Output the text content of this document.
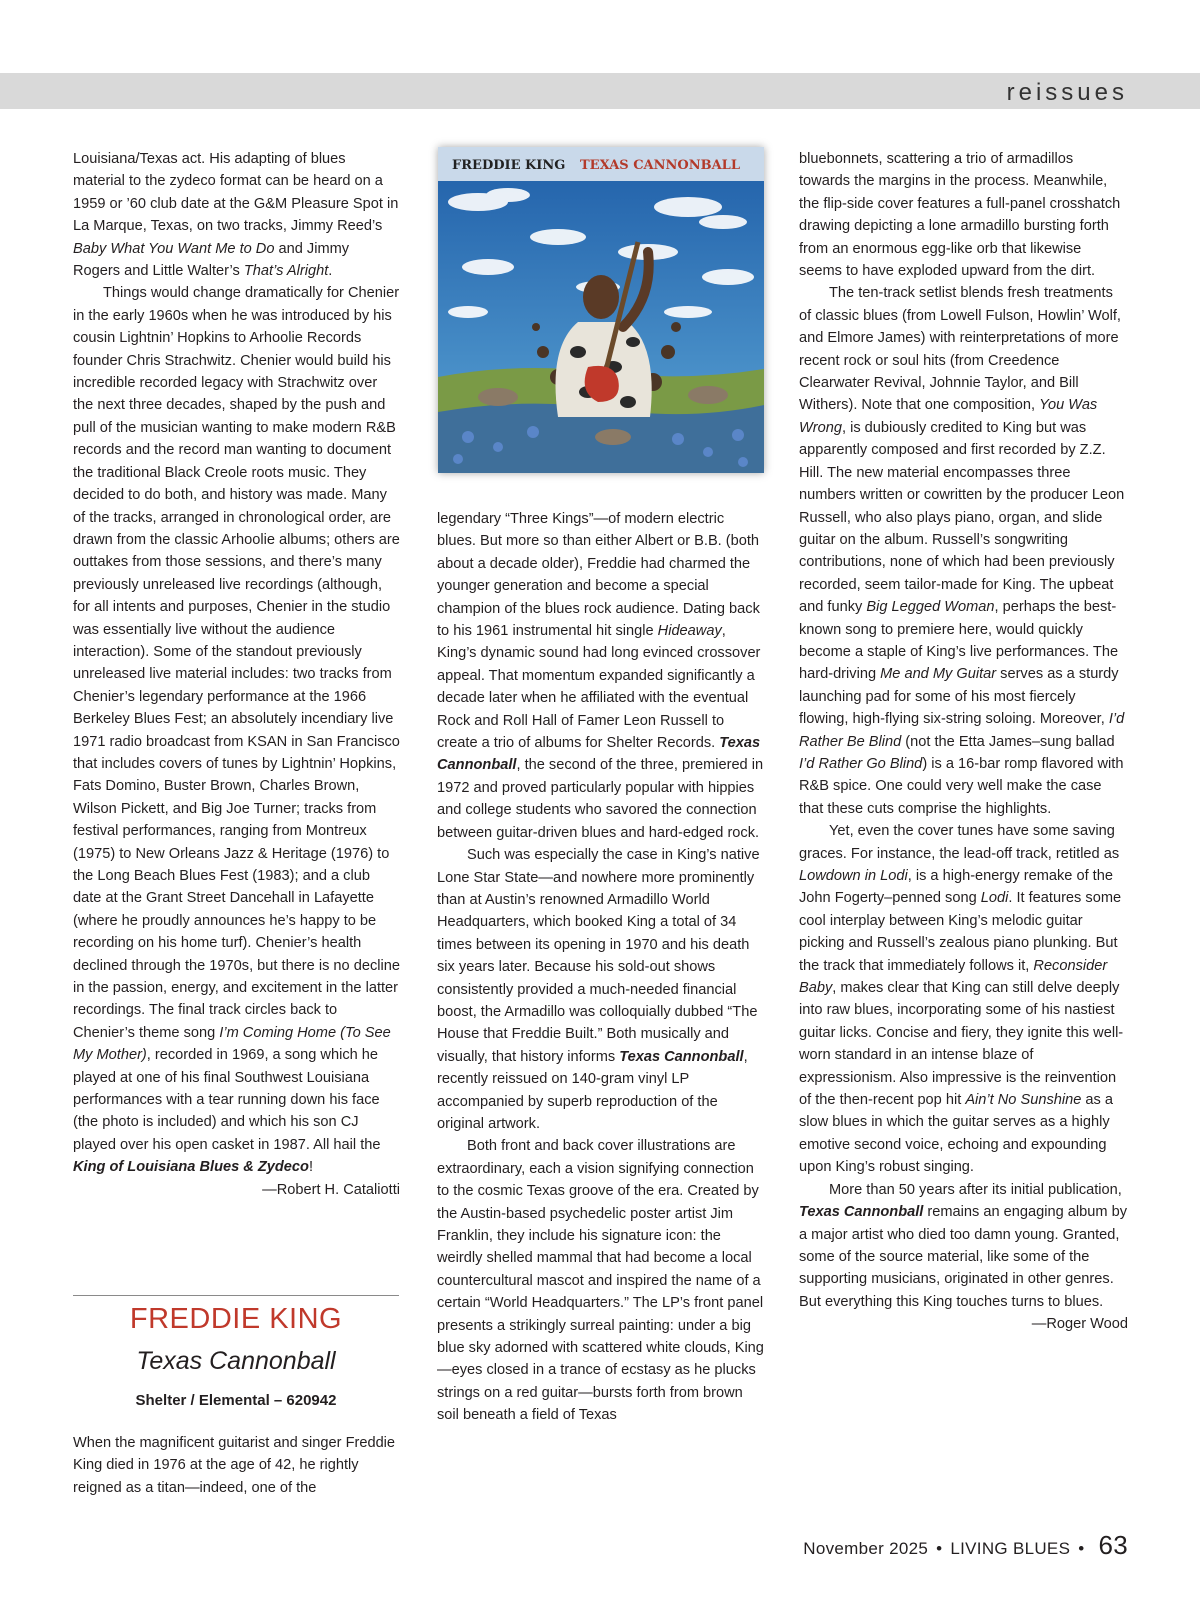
reissues

Louisiana/Texas act. His adapting of blues material to the zydeco format can be heard on a 1959 or ’60 club date at the G&M Pleasure Spot in La Marque, Texas, on two tracks, Jimmy Reed’s Baby What You Want Me to Do and Jimmy Rogers and Little Walter’s That’s Alright.

Things would change dramatically for Chenier in the early 1960s when he was introduced by his cousin Lightnin’ Hopkins to Arhoolie Records founder Chris Strachwitz. Chenier would build his incredible recorded legacy with Strachwitz over the next three decades, shaped by the push and pull of the musician wanting to make modern R&B records and the record man wanting to document the traditional Black Creole roots music. They decided to do both, and history was made. Many of the tracks, arranged in chronological order, are drawn from the classic Arhoolie albums; others are outtakes from those sessions, and there’s many previously unreleased live recordings (although, for all intents and purposes, Chenier in the studio was essentially live without the audience interaction). Some of the standout previously unreleased live material includes: two tracks from Chenier’s legendary performance at the 1966 Berkeley Blues Fest; an absolutely incendiary live 1971 radio broadcast from KSAN in San Francisco that includes covers of tunes by Lightnin’ Hopkins, Fats Domino, Buster Brown, Charles Brown, Wilson Pickett, and Big Joe Turner; tracks from festival performances, ranging from Montreux (1975) to New Orleans Jazz & Heritage (1976) to the Long Beach Blues Fest (1983); and a club date at the Grant Street Dancehall in Lafayette (where he proudly announces he’s happy to be recording on his home turf). Chenier’s health declined through the 1970s, but there is no decline in the passion, energy, and excitement in the latter recordings. The final track circles back to Chenier’s theme song I’m Coming Home (To See My Mother), recorded in 1969, a song which he played at one of his final Southwest Louisiana performances with a tear running down his face (the photo is included) and which his son CJ played over his open casket in 1987. All hail the King of Louisiana Blues & Zydeco!

—Robert H. Cataliotti

FREDDIE KING
Texas Cannonball
Shelter / Elemental – 620942

When the magnificent guitarist and singer Freddie King died in 1976 at the age of 42, he rightly reigned as a titan—indeed, one of the

FREDDIE KING TEXAS CANNONBALL

legendary “Three Kings”—of modern electric blues. But more so than either Albert or B.B. (both about a decade older), Freddie had charmed the younger generation and become a special champion of the blues rock audience. Dating back to his 1961 instrumental hit single Hideaway, King’s dynamic sound had long evinced crossover appeal. That momentum expanded significantly a decade later when he affiliated with the eventual Rock and Roll Hall of Famer Leon Russell to create a trio of albums for Shelter Records. Texas Cannonball, the second of the three, premiered in 1972 and proved particularly popular with hippies and college students who savored the connection between guitar-driven blues and hard-edged rock.

Such was especially the case in King’s native Lone Star State—and nowhere more prominently than at Austin’s renowned Armadillo World Headquarters, which booked King a total of 34 times between its opening in 1970 and his death six years later. Because his sold-out shows consistently provided a much-needed financial boost, the Armadillo was colloquially dubbed “The House that Freddie Built.” Both musically and visually, that history informs Texas Cannonball, recently reissued on 140-gram vinyl LP accompanied by superb reproduction of the original artwork.

Both front and back cover illustrations are extraordinary, each a vision signifying connection to the cosmic Texas groove of the era. Created by the Austin-based psychedelic poster artist Jim Franklin, they include his signature icon: the weirdly shelled mammal that had become a local countercultural mascot and inspired the name of a certain “World Headquarters.” The LP’s front panel presents a strikingly surreal painting: under a big blue sky adorned with scattered white clouds, King—eyes closed in a trance of ecstasy as he plucks strings on a red guitar—bursts forth from brown soil beneath a field of Texas

bluebonnets, scattering a trio of armadillos towards the margins in the process. Meanwhile, the flip-side cover features a full-panel crosshatch drawing depicting a lone armadillo bursting forth from an enormous egg-like orb that likewise seems to have exploded upward from the dirt.

The ten-track setlist blends fresh treatments of classic blues (from Lowell Fulson, Howlin’ Wolf, and Elmore James) with reinterpretations of more recent rock or soul hits (from Creedence Clearwater Revival, Johnnie Taylor, and Bill Withers). Note that one composition, You Was Wrong, is dubiously credited to King but was apparently composed and first recorded by Z.Z. Hill. The new material encompasses three numbers written or cowritten by the producer Leon Russell, who also plays piano, organ, and slide guitar on the album. Russell’s songwriting contributions, none of which had been previously recorded, seem tailor-made for King. The upbeat and funky Big Legged Woman, perhaps the best-known song to premiere here, would quickly become a staple of King’s live performances. The hard-driving Me and My Guitar serves as a sturdy launching pad for some of his most fiercely flowing, high-flying six-string soloing. Moreover, I’d Rather Be Blind (not the Etta James–sung ballad I’d Rather Go Blind) is a 16-bar romp flavored with R&B spice. One could very well make the case that these cuts comprise the highlights.

Yet, even the cover tunes have some saving graces. For instance, the lead-off track, retitled as Lowdown in Lodi, is a high-energy remake of the John Fogerty–penned song Lodi. It features some cool interplay between King’s melodic guitar picking and Russell’s zealous piano plunking. But the track that immediately follows it, Reconsider Baby, makes clear that King can still delve deeply into raw blues, incorporating some of his nastiest guitar licks. Concise and fiery, they ignite this well-worn standard in an intense blaze of expressionism. Also impressive is the reinvention of the then-recent pop hit Ain’t No Sunshine as a slow blues in which the guitar serves as a highly emotive second voice, echoing and expounding upon King’s robust singing.

More than 50 years after its initial publication, Texas Cannonball remains an engaging album by a major artist who died too damn young. Granted, some of the source material, like some of the supporting musicians, originated in other genres. But everything this King touches turns to blues.

—Roger Wood

November 2025 • LIVING BLUES • 63
